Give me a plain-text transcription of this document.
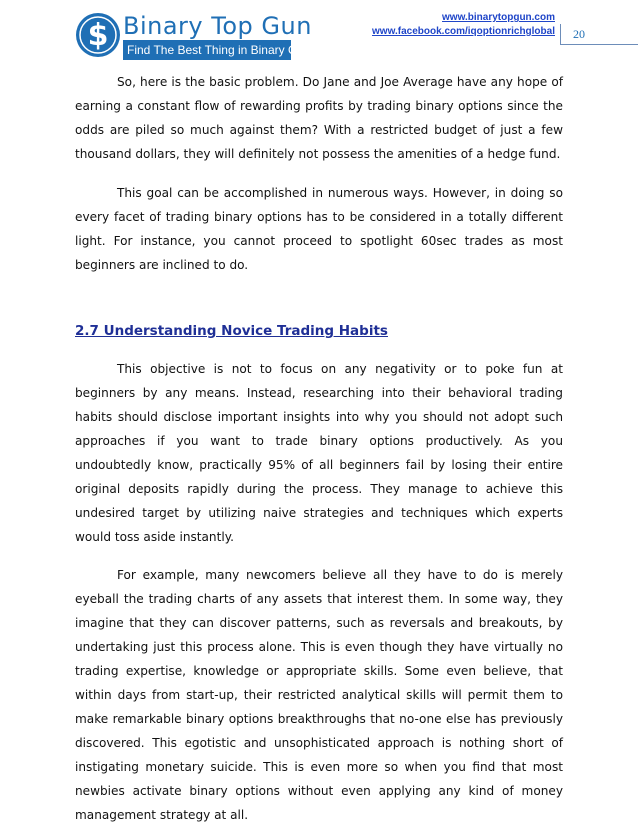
$ Binary Top Gun
Find The Best Thing in Binary Options
www.binarytopgun.com
www.facebook.com/iqoptionrichglobal 20

So, here is the basic problem. Do Jane and Joe Average have any hope of earning a constant flow of rewarding profits by trading binary options since the odds are piled so much against them? With a restricted budget of just a few thousand dollars, they will definitely not possess the amenities of a hedge fund.

This goal can be accomplished in numerous ways. However, in doing so every facet of trading binary options has to be considered in a totally different light. For instance, you cannot proceed to spotlight 60sec trades as most beginners are inclined to do.

2.7 Understanding Novice Trading Habits

This objective is not to focus on any negativity or to poke fun at beginners by any means. Instead, researching into their behavioral trading habits should disclose important insights into why you should not adopt such approaches if you want to trade binary options productively. As you undoubtedly know, practically 95% of all beginners fail by losing their entire original deposits rapidly during the process. They manage to achieve this undesired target by utilizing naive strategies and techniques which experts would toss aside instantly.

For example, many newcomers believe all they have to do is merely eyeball the trading charts of any assets that interest them. In some way, they imagine that they can discover patterns, such as reversals and breakouts, by undertaking just this process alone. This is even though they have virtually no trading expertise, knowledge or appropriate skills. Some even believe, that within days from start-up, their restricted analytical skills will permit them to make remarkable binary options breakthroughs that no-one else has previously discovered. This egotistic and unsophisticated approach is nothing short of instigating monetary suicide. This is even more so when you find that most newbies activate binary options without even applying any kind of money management strategy at all.
